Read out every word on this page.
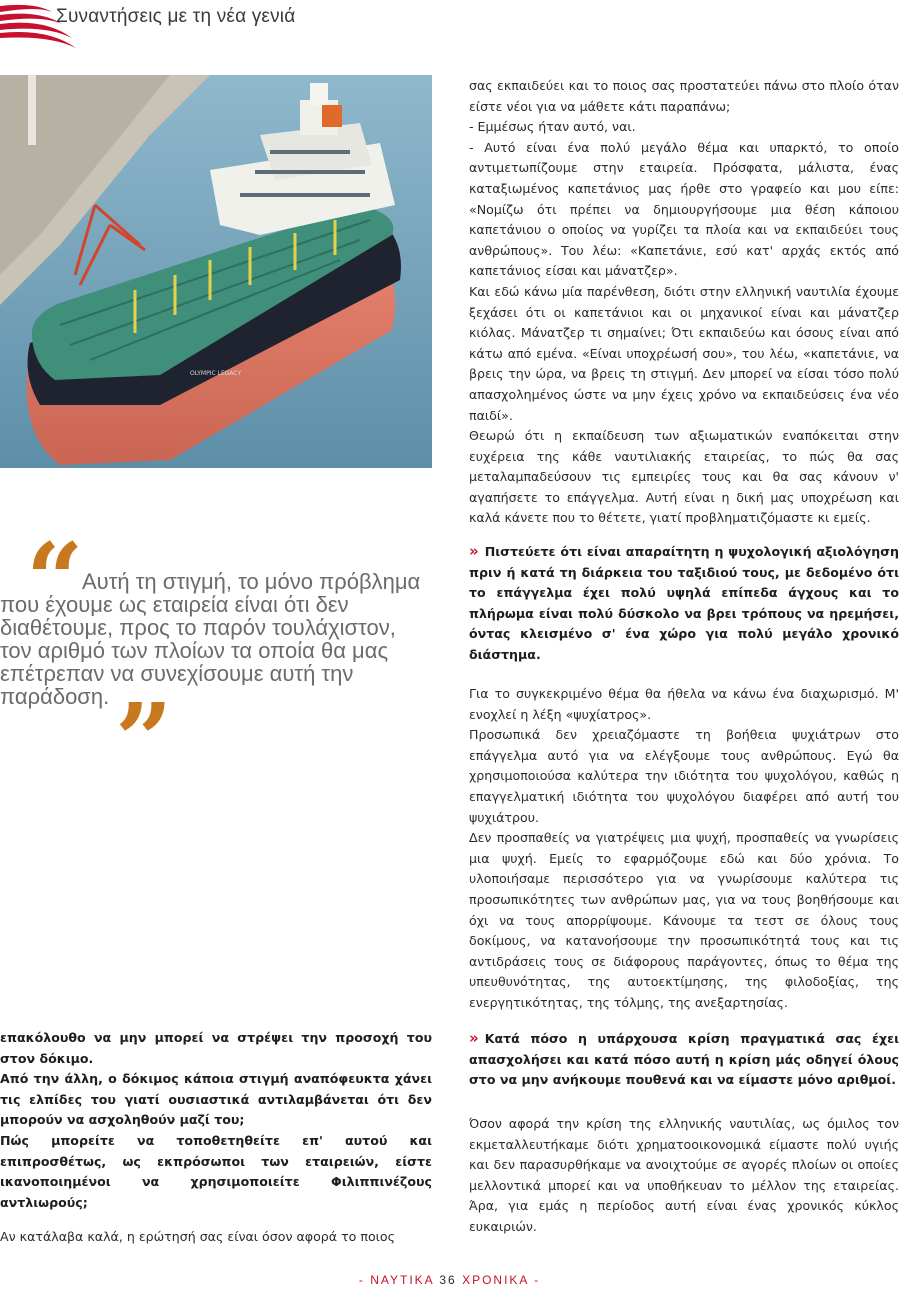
Συναντήσεις με τη νέα γενιά
OLYMPIC LEGACY

σας εκπαιδεύει και το ποιος σας προστατεύει πάνω στο πλοίο όταν είστε νέοι για να μάθετε κάτι παραπάνω;

- Εμμέσως ήταν αυτό, ναι.

- Αυτό είναι ένα πολύ μεγάλο θέμα και υπαρκτό, το οποίο αντιμετωπίζουμε στην εταιρεία. Πρόσφατα, μάλιστα, ένας καταξιωμένος καπετάνιος μας ήρθε στο γραφείο και μου είπε: «Νομίζω ότι πρέπει να δημιουργήσουμε μια θέση κάποιου καπετάνιου ο οποίος να γυρίζει τα πλοία και να εκπαιδεύει τους ανθρώπους». Του λέω: «Καπετάνιε, εσύ κατ' αρχάς εκτός από καπετάνιος είσαι και μάνατζερ».

Και εδώ κάνω μία παρένθεση, διότι στην ελληνική ναυτιλία έχουμε ξεχάσει ότι οι καπετάνιοι και οι μηχανικοί είναι και μάνατζερ κιόλας. Μάνατζερ τι σημαίνει; Ότι εκπαιδεύω και όσους είναι από κάτω από εμένα. «Είναι υποχρέωσή σου», του λέω, «καπετάνιε, να βρεις την ώρα, να βρεις τη στιγμή. Δεν μπορεί να είσαι τόσο πολύ απασχολημένος ώστε να μην έχεις χρόνο να εκπαιδεύσεις ένα νέο παιδί».

Θεωρώ ότι η εκπαίδευση των αξιωματικών εναπόκειται στην ευχέρεια της κάθε ναυτιλιακής εταιρείας, το πώς θα σας μεταλαμπαδεύσουν τις εμπειρίες τους και θα σας κάνουν ν' αγαπήσετε το επάγγελμα. Αυτή είναι η δική μας υποχρέωση και καλά κάνετε που το θέτετε, γιατί προβληματιζόμαστε κι εμείς.

“
Αυτή τη στιγμή, το μόνο πρόβλημα που έχουμε ως εταιρεία είναι ότι δεν διαθέτουμε, προς το παρόν τουλάχιστον, τον αριθμό των πλοίων τα οποία θα μας επέτρεπαν να συνεχίσουμε αυτή την παράδοση. ”
» Πιστεύετε ότι είναι απαραίτητη η ψυχολογική αξιολόγηση πριν ή κατά τη διάρκεια του ταξιδιού τους, με δεδομένο ότι το επάγγελμα έχει πολύ υψηλά επίπεδα άγχους και το πλήρωμα είναι πολύ δύσκολο να βρει τρόπους να ηρεμήσει, όντας κλεισμένο σ' ένα χώρο για πολύ μεγάλο χρονικό διάστημα.

Για το συγκεκριμένο θέμα θα ήθελα να κάνω ένα διαχωρισμό. Μ' ενοχλεί η λέξη «ψυχίατρος».

Προσωπικά δεν χρειαζόμαστε τη βοήθεια ψυχιάτρων στο επάγγελμα αυτό για να ελέγξουμε τους ανθρώπους. Εγώ θα χρησιμοποιούσα καλύτερα την ιδιότητα του ψυχολόγου, καθώς η επαγγελματική ιδιότητα του ψυχολόγου διαφέρει από αυτή του ψυχιάτρου.

Δεν προσπαθείς να γιατρέψεις μια ψυχή, προσπαθείς να γνωρίσεις μια ψυχή. Εμείς το εφαρμόζουμε εδώ και δύο χρόνια. Το υλοποιήσαμε περισσότερο για να γνωρίσουμε καλύτερα τις προσωπικότητες των ανθρώπων μας, για να τους βοηθήσουμε και όχι να τους απορρίψουμε. Κάνουμε τα τεστ σε όλους τους δοκίμους, να κατανοήσουμε την προσωπικότητά τους και τις αντιδράσεις τους σε διάφορους παράγοντες, όπως το θέμα της υπευθυνότητας, της αυτοεκτίμησης, της φιλοδοξίας, της ενεργητικότητας, της τόλμης, της ανεξαρτησίας.

» Κατά πόσο η υπάρχουσα κρίση πραγματικά σας έχει απασχολήσει και κατά πόσο αυτή η κρίση μάς οδηγεί όλους στο να μην ανήκουμε πουθενά και να είμαστε μόνο αριθμοί.

Όσον αφορά την κρίση της ελληνικής ναυτιλίας, ως όμιλος τον εκμεταλλευτήκαμε διότι χρηματοοικονομικά είμαστε πολύ υγιής και δεν παρασυρθήκαμε να ανοιχτούμε σε αγορές πλοίων οι οποίες μελλοντικά μπορεί και να υποθήκευαν το μέλλον της εταιρείας. Άρα, για εμάς η περίοδος αυτή είναι ένας χρονικός κύκλος ευκαιριών.

επακόλουθο να μην μπορεί να στρέψει την προσοχή του στον δόκιμο.

Από την άλλη, ο δόκιμος κάποια στιγμή αναπόφευκτα χάνει τις ελπίδες του γιατί ουσιαστικά αντιλαμβάνεται ότι δεν μπορούν να ασχοληθούν μαζί του;

Πώς μπορείτε να τοποθετηθείτε επ' αυτού και επιπροσθέτως, ως εκπρόσωποι των εταιρειών, είστε ικανοποιημένοι να χρησιμοποιείτε Φιλιππινέζους αντλιωρούς;

Αν κατάλαβα καλά, η ερώτησή σας είναι όσον αφορά το ποιος

- ΝΑΥΤΙΚΑ 36 ΧΡΟΝΙΚΑ -
